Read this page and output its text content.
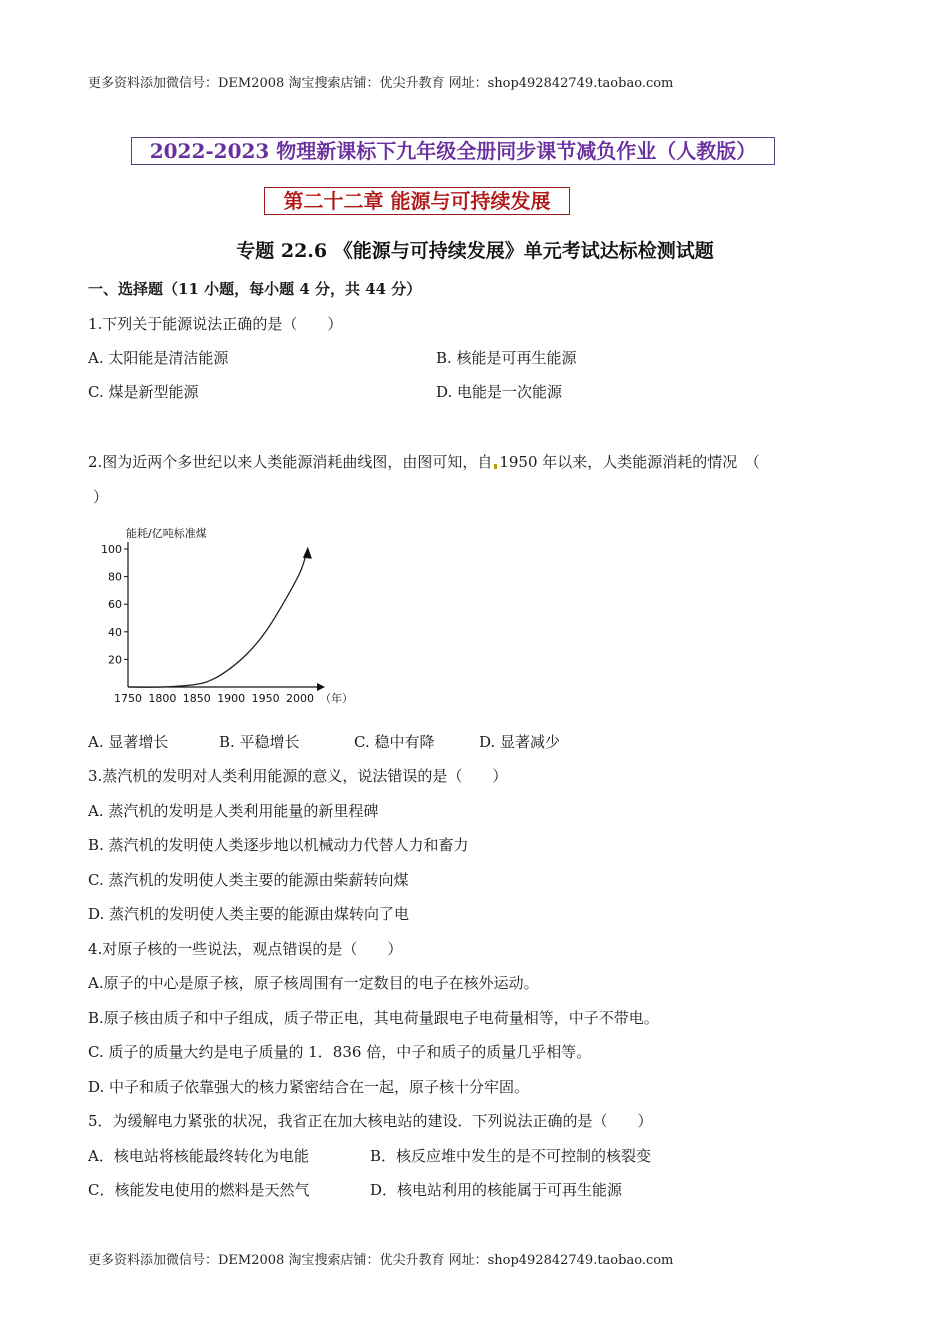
更多资料添加微信号：DEM2008 淘宝搜索店铺：优尖升教育 网址：shop492842749.taobao.com
更多资料添加微信号：DEM2008 淘宝搜索店铺：优尖升教育 网址：shop492842749.taobao.com
2022-2023 物理新课标下九年级全册同步课节减负作业（人教版）
第二十二章 能源与可持续发展
专题 22.6 《能源与可持续发展》单元考试达标检测试题
一、选择题（11 小题，每小题 4 分，共 44 分）
1.下列关于能源说法正确的是（　　）
A. 太阳能是清洁能源	B. 核能是可再生能源
C. 煤是新型能源	D. 电能是一次能源
2.图为近两个多世纪以来人类能源消耗曲线图，由图可知，自 1950 年以来，人类能源消耗的情况　（
）
20
40
60
80
100
1750 1800 1850 1900 1950 2000
能耗/亿吨标准煤
（年）
A. 显著增长	B. 平稳增长	C. 稳中有降	D. 显著减少
3.蒸汽机的发明对人类利用能源的意义，说法错误的是（　　）
A. 蒸汽机的发明是人类利用能量的新里程碑
B. 蒸汽机的发明使人类逐步地以机械动力代替人力和畜力
C. 蒸汽机的发明使人类主要的能源由柴薪转向煤
D. 蒸汽机的发明使人类主要的能源由煤转向了电
4.对原子核的一些说法，观点错误的是（　　）
A.原子的中心是原子核，原子核周围有一定数目的电子在核外运动。
B.原子核由质子和中子组成，质子带正电，其电荷量跟电子电荷量相等，中子不带电。
C. 质子的质量大约是电子质量的 1．836 倍，中子和质子的质量几乎相等。
D. 中子和质子依靠强大的核力紧密结合在一起，原子核十分牢固。
5．为缓解电力紧张的状况，我省正在加大核电站的建设．下列说法正确的是（　　）
A．核电站将核能最终转化为电能	B．核反应堆中发生的是不可控制的核裂变
C．核能发电使用的燃料是天然气	D．核电站利用的核能属于可再生能源
